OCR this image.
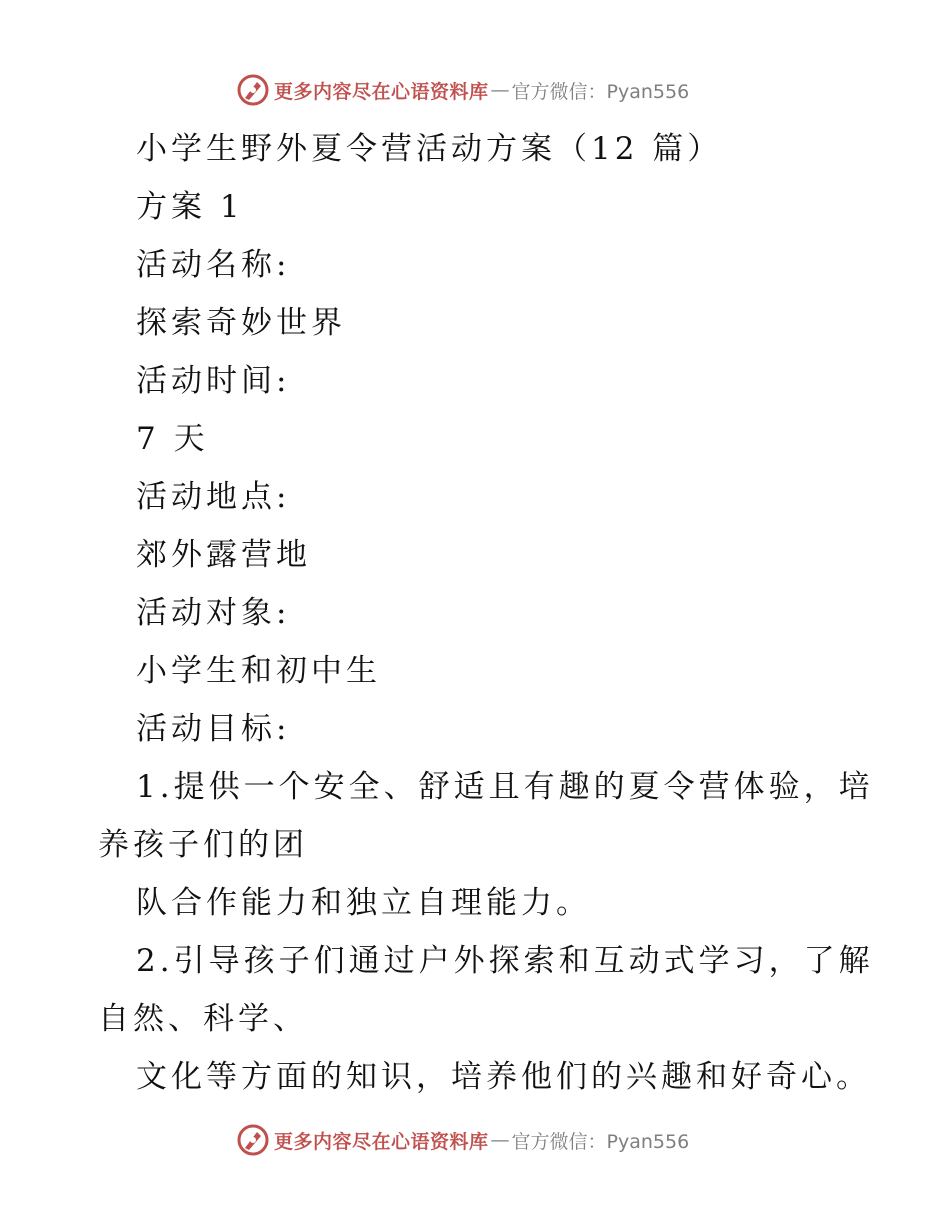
更多内容尽在心语资料库 — 官方微信：Pyan556
小学生野外夏令营活动方案（12 篇）
方案 1
活动名称:
探索奇妙世界
活动时间:
7 天
活动地点:
郊外露营地
活动对象:
小学生和初中生
活动目标:
1.提供一个安全、舒适且有趣的夏令营体验，培
养孩子们的团
队合作能力和独立自理能力。
2.引导孩子们通过户外探索和互动式学习，了解
自然、科学、
文化等方面的知识，培养他们的兴趣和好奇心。
更多内容尽在心语资料库 — 官方微信：Pyan556
